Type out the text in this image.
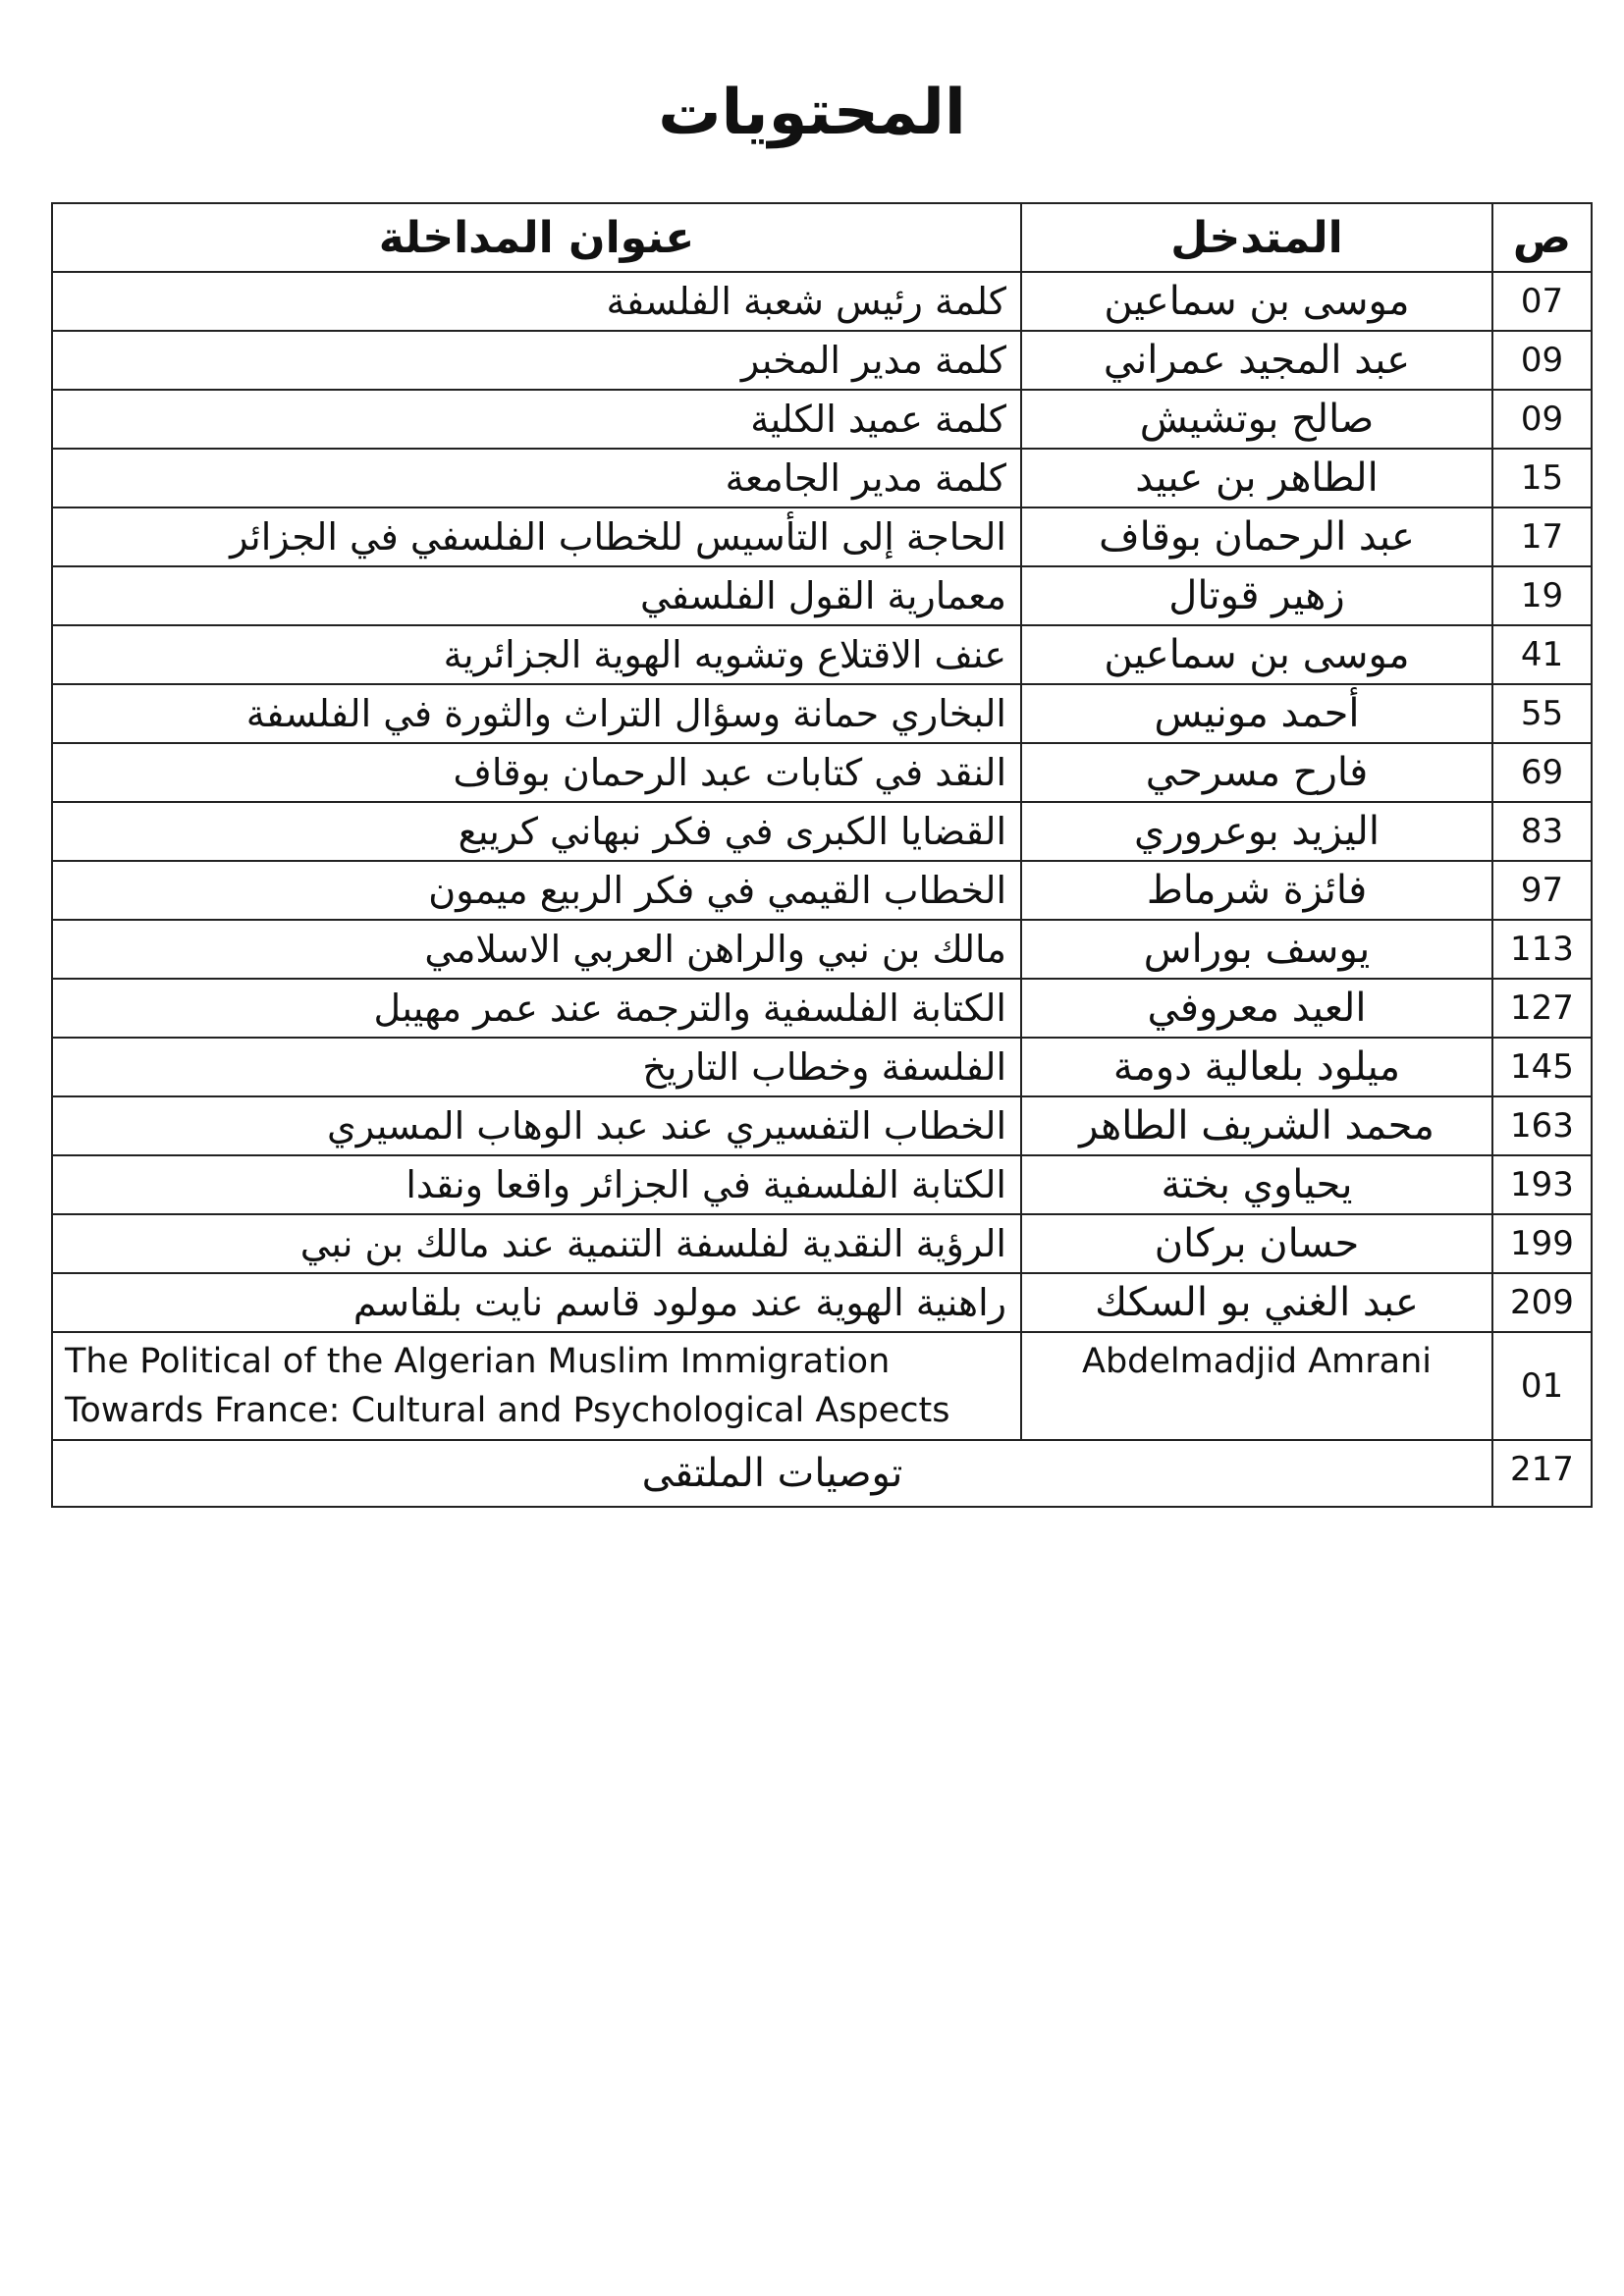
المحتويات
عنوان المداخلة	المتدخل	ص
كلمة رئيس شعبة الفلسفة	موسى بن سماعين	07
كلمة مدير المخبر	عبد المجيد عمراني	09
كلمة عميد الكلية	صالح بوتشيش	09
كلمة مدير الجامعة	الطاهر بن عبيد	15
الحاجة إلى التأسيس للخطاب الفلسفي في الجزائر	عبد الرحمان بوقاف	17
معمارية القول الفلسفي	زهير قوتال	19
عنف الاقتلاع وتشويه الهوية الجزائرية	موسى بن سماعين	41
البخاري حمانة وسؤال التراث والثورة في الفلسفة	أحمد مونيس	55
النقد في كتابات عبد الرحمان بوقاف	فارح مسرحي	69
القضايا الكبرى في فكر نبهاني كريبع	اليزيد بوعروري	83
الخطاب القيمي في فكر الربيع ميمون	فائزة شرماط	97
مالك بن نبي والراهن العربي الاسلامي	يوسف بوراس	113
الكتابة الفلسفية والترجمة عند عمر مهيبل	العيد معروفي	127
الفلسفة وخطاب التاريخ	ميلود بلعالية دومة	145
الخطاب التفسيري عند عبد الوهاب المسيري	محمد الشريف الطاهر	163
الكتابة الفلسفية في الجزائر واقعا ونقدا	يحياوي بختة	193
الرؤية النقدية لفلسفة التنمية عند مالك بن نبي	حسان بركان	199
راهنية الهوية عند مولود قاسم نايت بلقاسم	عبد الغني بو السكك	209
The Political of the Algerian Muslim Immigration Towards France: Cultural and Psychological Aspects	Abdelmadjid Amrani	01
توصيات الملتقى		217
